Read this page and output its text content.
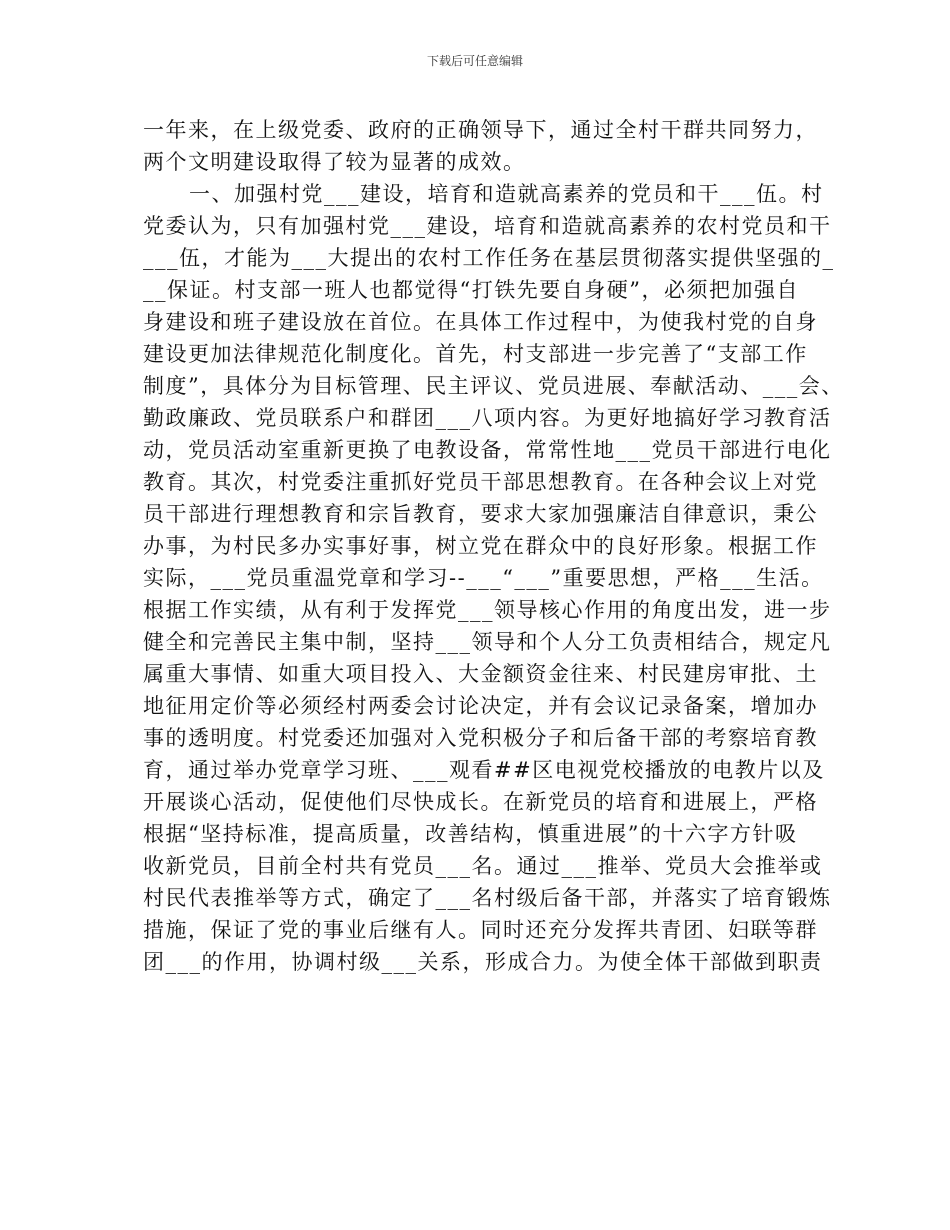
下载后可任意编辑
一年来，在上级党委、政府的正确领导下，通过全村干群共同努力，
两个文明建设取得了较为显著的成效。
一、加强村党___建设，培育和造就高素养的党员和干___伍。村
党委认为，只有加强村党___建设，培育和造就高素养的农村党员和干
___伍，才能为___大提出的农村工作任务在基层贯彻落实提供坚强的_
__保证。村支部一班人也都觉得“打铁先要自身硬”，必须把加强自
身建设和班子建设放在首位。在具体工作过程中，为使我村党的自身
建设更加法律规范化制度化。首先，村支部进一步完善了“支部工作
制度”，具体分为目标管理、民主评议、党员进展、奉献活动、___会、
勤政廉政、党员联系户和群团___八项内容。为更好地搞好学习教育活
动，党员活动室重新更换了电教设备，常常性地___党员干部进行电化
教育。其次，村党委注重抓好党员干部思想教育。在各种会议上对党
员干部进行理想教育和宗旨教育，要求大家加强廉洁自律意识，秉公
办事，为村民多办实事好事，树立党在群众中的良好形象。根据工作
实际，___党员重温党章和学习--___“___”重要思想，严格___生活。
根据工作实绩，从有利于发挥党___领导核心作用的角度出发，进一步
健全和完善民主集中制，坚持___领导和个人分工负责相结合，规定凡
属重大事情、如重大项目投入、大金额资金往来、村民建房审批、土
地征用定价等必须经村两委会讨论决定，并有会议记录备案，增加办
事的透明度。村党委还加强对入党积极分子和后备干部的考察培育教
育，通过举办党章学习班、___观看##区电视党校播放的电教片以及
开展谈心活动，促使他们尽快成长。在新党员的培育和进展上，严格
根据“坚持标准，提高质量，改善结构，慎重进展”的十六字方针吸
收新党员，目前全村共有党员___名。通过___推举、党员大会推举或
村民代表推举等方式，确定了___名村级后备干部，并落实了培育锻炼
措施，保证了党的事业后继有人。同时还充分发挥共青团、妇联等群
团___的作用，协调村级___关系，形成合力。为使全体干部做到职责
